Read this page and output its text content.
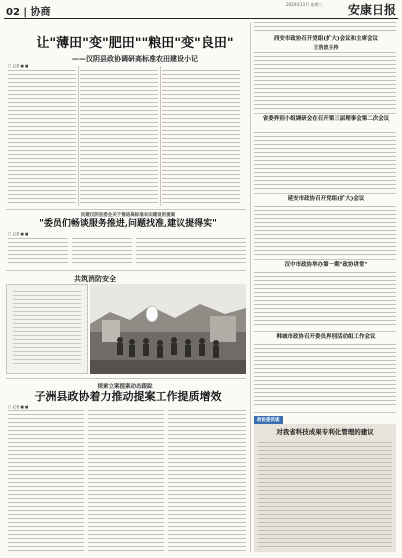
02 | 协商
2024年11月 星期三	安康日报
让"薄田"变"肥田""粮田"变"良田"
——汉阴县政协调研高标准农田建设小记
□ 记者 ■ ■
民建汉阴县委会关于推进高标准农田建设的提案
"委员们畅谈服务推进,问题找准,建议提得实"
□ 记者 ■ ■
共筑消防安全
探索立案提案动态跟踪
子洲县政协着力推动提案工作提质增效
□ 记者 ■ ■
西安市政协召开党组(扩大)会议和主席会议
王浩波主持
省委界别小组调研会在召开第三届理事会第二次会议
延安市政协召开党组(扩大)会议
汉中市政协举办第一期"政协讲堂"
韩城市政协召开委员界别活动组工作会议
政协委员谈
对我省科技成果专利化管理的建议
